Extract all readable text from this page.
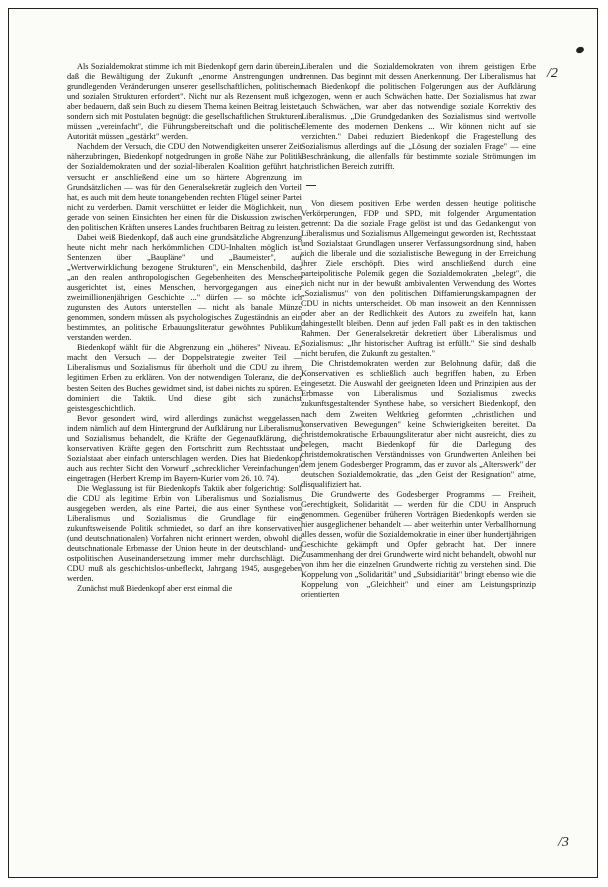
/2
/3

Als Sozialdemokrat stimme ich mit Biedenkopf gern darin überein, daß die Bewältigung der Zukunft „enorme Anstrengungen und grundlegenden Veränderungen unserer gesellschaftlichen, politischen und sozialen Strukturen erfordert". Nicht nur als Rezensent muß ich aber bedauern, daß sein Buch zu diesem Thema keinen Beitrag leistet, sondern sich mit Postulaten begnügt: die gesellschaftlichen Strukturen müssen „vereinfacht", die Führungsbereitschaft und die politische Autorität müssen „gestärkt" werden.

Nachdem der Versuch, die CDU den Notwendigkeiten unserer Zeit näherzubringen, Biedenkopf notgedrungen in große Nähe zur Politik der Sozialdemokraten und der sozial-liberalen Koalition geführt hat, versucht er anschließend eine um so härtere Abgrenzung im Grundsätzlichen — was für den Generalsekretär zugleich den Vorteil hat, es auch mit dem heute tonangebenden rechten Flügel seiner Partei nicht zu verderben. Damit verschüttet er leider die Möglichkeit, nun gerade von seinen Einsichten her einen für die Diskussion zwischen den politischen Kräften unseres Landes fruchtbaren Beitrag zu leisten.

Dabei weiß Biedenkopf, daß auch eine grundsätzliche Abgrenzung heute nicht mehr nach herkömmlichen CDU-Inhalten möglich ist. Sentenzen über „Baupläne" und „Baumeister", auf „Wertverwirklichung bezogene Strukturen", ein Menschenbild, das „an den realen anthropologischen Gegebenheiten des Menschen ausgerichtet ist, eines Menschen, hervorgegangen aus einer zweimillionenjährigen Geschichte ..." dürfen — so möchte ich zugunsten des Autors unterstellen — nicht als banale Münze genommen, sondern müssen als psychologisches Zugeständnis an ein bestimmtes, an politische Erbauungsliteratur gewöhntes Publikum verstanden werden.

Biedenkopf wählt für die Abgrenzung ein „höheres" Niveau. Er macht den Versuch — der Doppelstrategie zweiter Teil — Liberalismus und Sozialismus für überholt und die CDU zu ihrem legitimen Erben zu erklären. Von der notwendigen Toleranz, die der besten Seiten des Buches gewidmet sind, ist dabei nichts zu spüren. Es dominiert die Taktik. Und diese gibt sich zunächst geistesgeschichtlich.

Bevor gesondert wird, wird allerdings zunächst weggelassen, indem nämlich auf dem Hintergrund der Aufklärung nur Liberalismus und Sozialismus behandelt, die Kräfte der Gegenaufklärung, die konservativen Kräfte gegen den Fortschritt zum Rechtsstaat und Sozialstaat aber einfach unterschlagen werden. Dies hat Biedenkopf auch aus rechter Sicht den Vorwurf „schrecklicher Vereinfachungen" eingetragen (Herbert Kremp im Bayern-Kurier vom 26. 10. 74).

Die Weglassung ist für Biedenkopfs Taktik aber folgerichtig: Soll die CDU als legitime Erbin von Liberalismus und Sozialismus ausgegeben werden, als eine Partei, die aus einer Synthese von Liberalismus und Sozialismus die Grundlage für eine zukunftsweisende Politik schmiedet, so darf an ihre konservativen (und deutschnationalen) Vorfahren nicht erinnert werden, obwohl die deutschnationale Erbmasse der Union heute in der deutschland- und ostpolitischen Auseinandersetzung immer mehr durchschlägt. Die CDU muß als geschichtslos-unbefleckt, Jahrgang 1945, ausgegeben werden.

Zunächst muß Biedenkopf aber erst einmal die

Liberalen und die Sozialdemokraten von ihrem geistigen Erbe trennen. Das beginnt mit dessen Anerkennung. Der Liberalismus hat nach Biedenkopf die politischen Folgerungen aus der Aufklärung gezogen, wenn er auch Schwächen hatte. Der Sozialismus hat zwar auch Schwächen, war aber das notwendige soziale Korrektiv des Liberalismus. „Die Grundgedanken des Sozialismus sind wertvolle Elemente des modernen Denkens ... Wir können nicht auf sie verzichten." Dabei reduziert Biedenkopf die Fragestellung des Sozialismus allerdings auf die „Lösung der sozialen Frage" — eine Beschränkung, die allenfalls für bestimmte soziale Strömungen im christlichen Bereich zutrifft.

Von diesem positiven Erbe werden dessen heutige politische Verkörperungen, FDP und SPD, mit folgender Argumentation getrennt: Da die soziale Frage gelöst ist und das Gedankengut von Liberalismus und Sozialismus Allgemeingut geworden ist, Rechtsstaat und Sozialstaat Grundlagen unserer Verfassungsordnung sind, haben sich die liberale und die sozialistische Bewegung in der Erreichung ihrer Ziele erschöpft. Dies wird anschließend durch eine parteipolitische Polemik gegen die Sozialdemokraten „belegt", die sich nicht nur in der bewußt ambivalenten Verwendung des Wortes „Sozialismus" von den politischen Diffamierungskampagnen der CDU in nichts unterscheidet. Ob man insoweit an den Kennnissen oder aber an der Redlichkeit des Autors zu zweifeln hat, kann dahingestellt bleiben. Denn auf jeden Fall paßt es in den taktischen Rahmen. Der Generalsekretär dekretiert über Liberalismus und Sozialismus: „Ihr historischer Auftrag ist erfüllt." Sie sind deshalb nicht berufen, die Zukunft zu gestalten."

Die Christdemokraten werden zur Belohnung dafür, daß die Konservativen es schließlich auch begriffen haben, zu Erben eingesetzt. Die Auswahl der geeigneten Ideen und Prinzipien aus der Erbmasse von Liberalismus und Sozialismus zwecks zukunftsgestaltender Synthese habe, so versichert Biedenkopf, den nach dem Zweiten Weltkrieg geformten „christlichen und konservativen Bewegungen" keine Schwierigkeiten bereitet. Da christdemokratische Erbauungsliteratur aber nicht ausreicht, dies zu belegen, macht Biedenkopf für die Darlegung des christdemokratischen Verständnisses von Grundwerten Anleihen bei dem jenem Godesberger Programm, das er zuvor als „Alterswerk" der deutschen Sozialdemokratie, das „den Geist der Resignation" atme, disqualifiziert hat.

Die Grundwerte des Godesberger Programms — Freiheit, Gerechtigkeit, Solidarität — werden für die CDU in Anspruch genommen. Gegenüber früheren Vorträgen Biedenkopfs werden sie hier ausgeglichener behandelt — aber weiterhin unter Verballhornung alles dessen, wofür die Sozialdemokratie in einer über hundertjährigen Geschichte gekämpft und Opfer gebracht hat. Der innere Zusammenhang der drei Grundwerte wird nicht behandelt, obwohl nur von ihm her die einzelnen Grundwerte richtig zu verstehen sind. Die Koppelung von „Solidarität" und „Subsidiarität" bringt ebenso wie die Koppelung von „Gleichheit" und einer am Leistungsprinzip orientierten
